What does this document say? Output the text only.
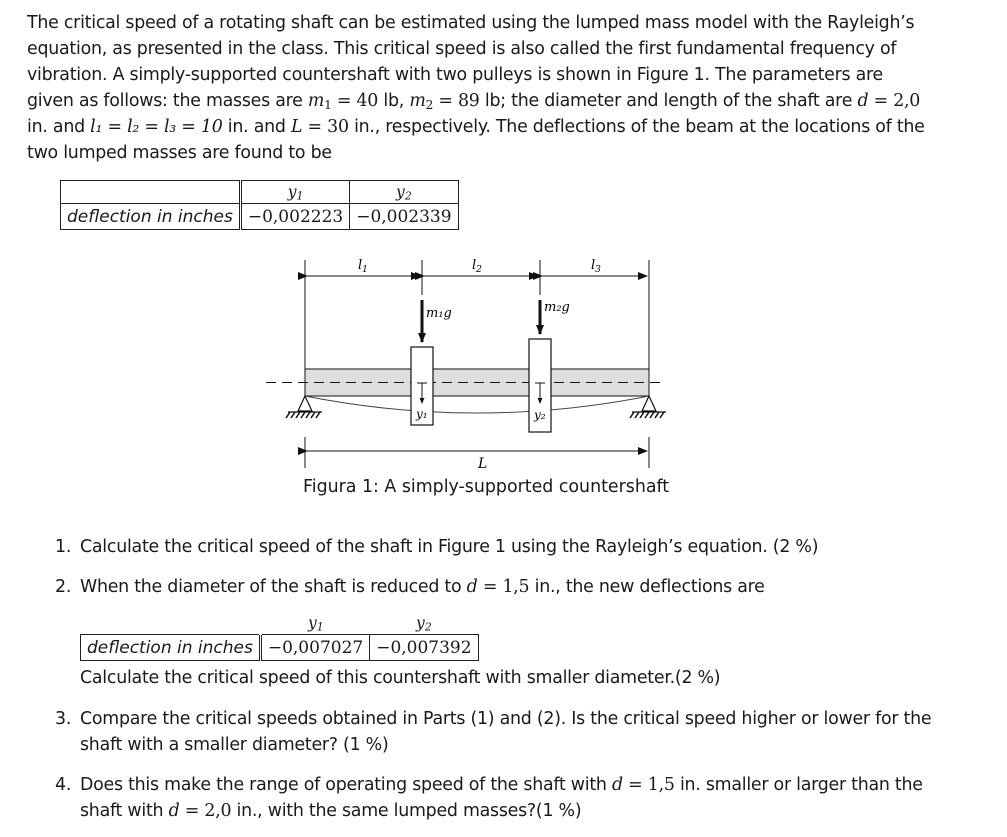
The critical speed of a rotating shaft can be estimated using the lumped mass model with the Rayleigh’s equation, as presented in the class. This critical speed is also called the first fundamental frequency of vibration. A simply-supported countershaft with two pulleys is shown in Figure 1. The parameters are given as follows: the masses are $m_1 = 40$ lb, $m_2 = 89$ lb; the diameter and length of the shaft are d = 2,0 in. and l₁ = l₂ = l₃ = 10 in. and L = 30 in., respectively. The deflections of the beam at the locations of the two lumped masses are found to be

	$y_1$	$y_2$
deflection in inches	−0,002223	−0,002339
$l_1$	$l_2$	$l_3$
m₁g	m₂g
y₁	y₂
L
Figura 1: A simply-supported countershaft
1. Calculate the critical speed of the shaft in Figure 1 using the Rayleigh’s equation. (2 %)
2. When the diameter of the shaft is reduced to d = 1,5 in., the new deflections are
	$y_1$	$y_2$
deflection in inches	−0,007027	−0,007392
Calculate the critical speed of this countershaft with smaller diameter.(2 %)
3. Compare the critical speeds obtained in Parts (1) and (2). Is the critical speed higher or lower for the shaft with a smaller diameter? (1 %)
4. Does this make the range of operating speed of the shaft with d = 1,5 in. smaller or larger than the shaft with d = 2,0 in., with the same lumped masses?(1 %)
